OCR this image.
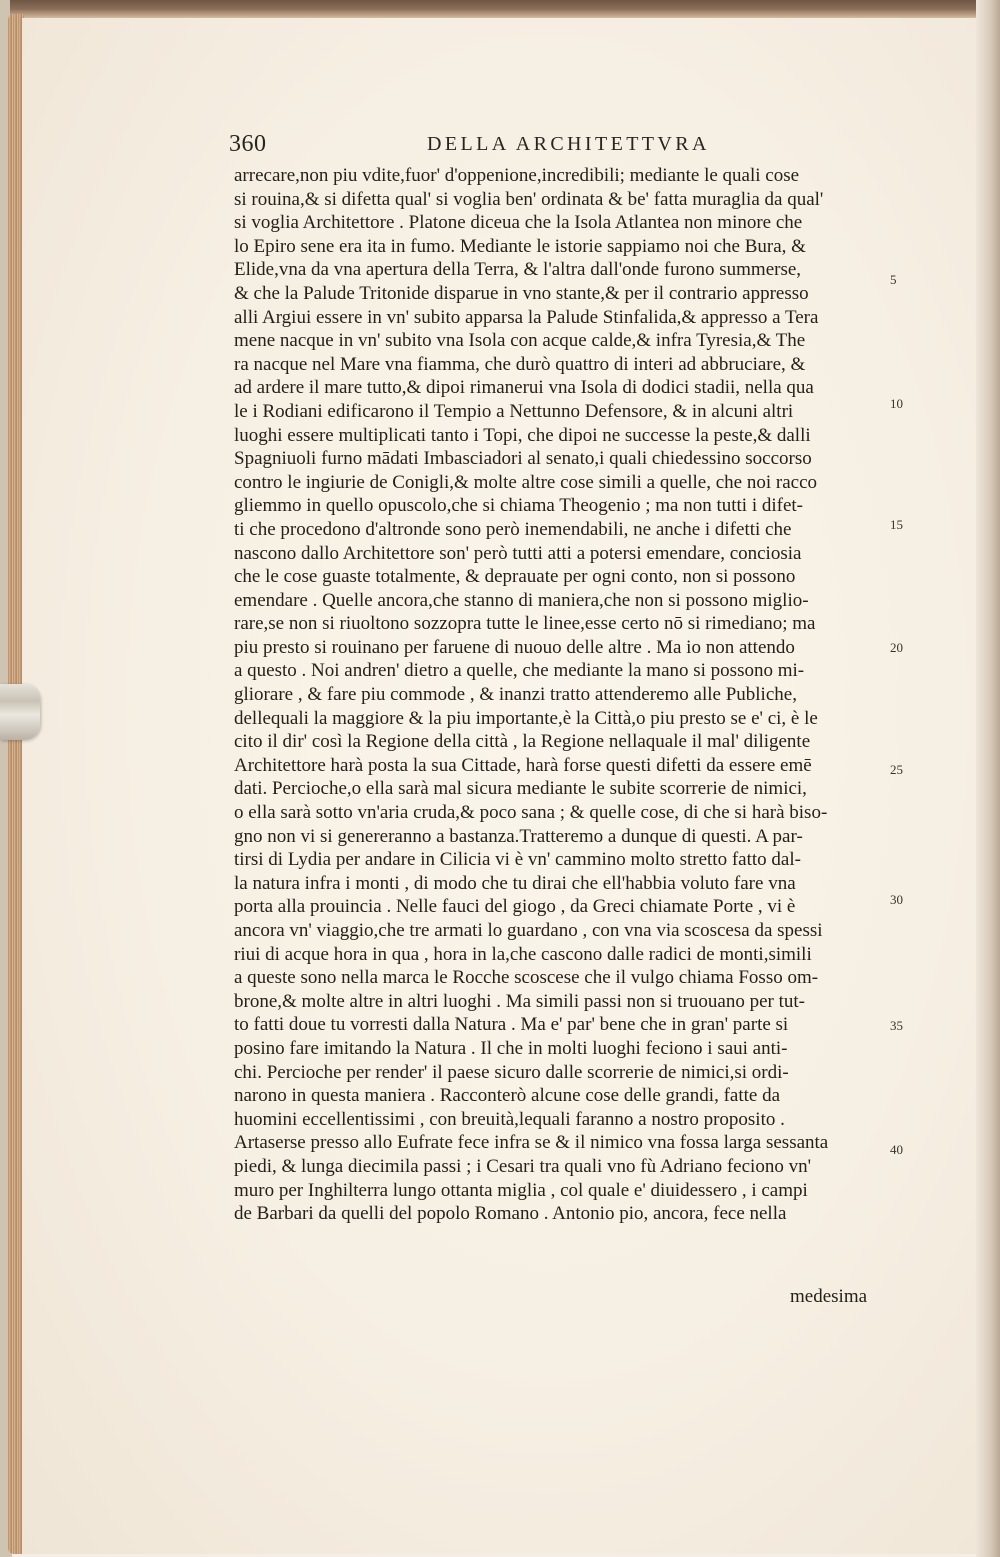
360	DELLA ARCHITETTVRA
arrecare,non piu vdite,fuor' d'oppenione,incredibili; mediante le quali cose
si rouina,& si difetta qual' si voglia ben' ordinata & be' fatta muraglia da qual'
si voglia Architettore . Platone diceua che la Isola Atlantea non minore che
lo Epiro sene era ita in fumo. Mediante le istorie sappiamo noi che Bura, &
Elide,vna da vna apertura della Terra, & l'altra dall'onde furono summerse,
& che la Palude Tritonide disparue in vno stante,& per il contrario appresso
alli Argiui essere in vn' subito apparsa la Palude Stinfalida,& appresso a Tera
mene nacque in vn' subito vna Isola con acque calde,& infra Tyresia,& The
ra nacque nel Mare vna fiamma, che durò quattro di interi ad abbruciare, &
ad ardere il mare tutto,& dipoi rimanerui vna Isola di dodici stadii, nella qua
le i Rodiani edificarono il Tempio a Nettunno Defensore, & in alcuni altri
luoghi essere multiplicati tanto i Topi, che dipoi ne successe la peste,& dalli
Spagniuoli furno mādati Imbasciadori al senato,i quali chiedessino soccorso
contro le ingiurie de Conigli,& molte altre cose simili a quelle, che noi racco
gliemmo in quello opuscolo,che si chiama Theogenio ; ma non tutti i difet-
ti che procedono d'altronde sono però inemendabili, ne anche i difetti che
nascono dallo Architettore son' però tutti atti a potersi emendare, conciosia
che le cose guaste totalmente, & deprauate per ogni conto, non si possono
emendare . Quelle ancora,che stanno di maniera,che non si possono miglio-
rare,se non si riuoltono sozzopra tutte le linee,esse certo nō si rimediano; ma
piu presto si rouinano per faruene di nuouo delle altre . Ma io non attendo
a questo . Noi andren' dietro a quelle, che mediante la mano si possono mi-
gliorare , & fare piu commode , & inanzi tratto attenderemo alle Publiche,
dellequali la maggiore & la piu importante,è la Città,o piu presto se e' ci, è le
cito il dir' così la Regione della città , la Regione nellaquale il mal' diligente
Architettore harà posta la sua Cittade, harà forse questi difetti da essere emē
dati. Percioche,o ella sarà mal sicura mediante le subite scorrerie de nimici,
o ella sarà sotto vn'aria cruda,& poco sana ; & quelle cose, di che si harà biso-
gno non vi si genereranno a bastanza.Tratteremo a dunque di questi. A par-
tirsi di Lydia per andare in Cilicia vi è vn' cammino molto stretto fatto dal-
la natura infra i monti , di modo che tu dirai che ell'habbia voluto fare vna
porta alla prouincia . Nelle fauci del giogo , da Greci chiamate Porte , vi è
ancora vn' viaggio,che tre armati lo guardano , con vna via scoscesa da spessi
riui di acque hora in qua , hora in la,che cascono dalle radici de monti,simili
a queste sono nella marca le Rocche scoscese che il vulgo chiama Fosso om-
brone,& molte altre in altri luoghi . Ma simili passi non si truouano per tut-
to fatti doue tu vorresti dalla Natura . Ma e' par' bene che in gran' parte si
posino fare imitando la Natura . Il che in molti luoghi feciono i saui anti-
chi. Percioche per render' il paese sicuro dalle scorrerie de nimici,si ordi-
narono in questa maniera . Racconterò alcune cose delle grandi, fatte da
huomini eccellentissimi , con breuità,lequali faranno a nostro proposito .
Artaserse presso allo Eufrate fece infra se & il nimico vna fossa larga sessanta
piedi, & lunga diecimila passi ; i Cesari tra quali vno fù Adriano feciono vn'
muro per Inghilterra lungo ottanta miglia , col quale e' diuidessero , i campi
de Barbari da quelli del popolo Romano . Antonio pio, ancora, fece nella
medesima
5
10
15
20
25
30
35
40
